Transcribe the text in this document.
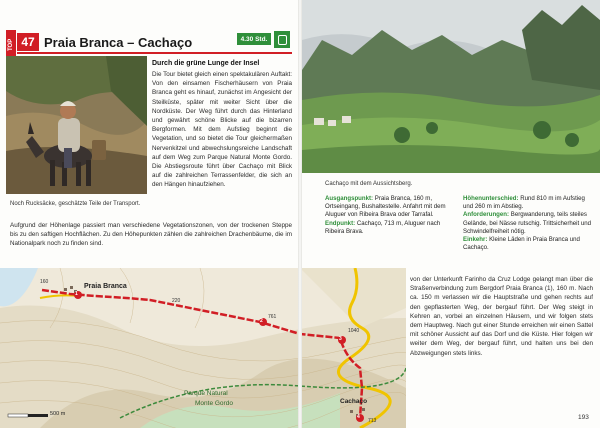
TOP 47 Praia Branca – Cachaço	4.30 Std.
Noch Rucksäcke, geschätzte Teile der Transport.
Durch die grüne Lunge der Insel
Die Tour bietet gleich einen spektakulären Auftakt: Von den einsamen Fischerhäusern von Praia Branca geht es hinauf, zunächst im Angesicht der Steilküste, später mit weiter Sicht über die Nordküste. Der Weg führt durch das Hinterland und gewährt schöne Blicke auf die bizarren Bergformen. Mit dem Aufstieg beginnt die Vegetation, und so bietet die Tour gleichermaßen Nervenkitzel und abwechslungsreiche Landschaft auf dem Weg zum Parque Natural Monte Gordo. Die Abstiegsroute führt über Cachaço mit Blick auf die zahlreichen Terrassenfelder, die sich an den Hängen hinaufziehen.
Aufgrund der Höhenlage passiert man verschiedene Vegetationszonen, von der trockenen Steppe bis zu den saftigen Hochflächen. Zu den Höhepunkten zählen die zahlreichen Drachenbäume, die im Nationalpark noch zu finden sind.
Praia Branca
Parque Natural
Monte Gordo	Cachaço
1
2
3
4
160
220
761
1040
713
500 m
Cachaço mit dem Aussichtsberg.
Ausgangspunkt: Praia Branca, 160 m, Ortseingang, Bushaltestelle. Anfahrt mit dem Aluguer von Ribeira Brava oder Tarrafal.
Endpunkt: Cachaço, 713 m, Aluguer nach Ribeira Brava.
Höhenunterschied: Rund 810 m im Aufstieg und 260 m im Abstieg.
Anforderungen: Bergwanderung, teils steiles Gelände, bei Nässe rutschig. Trittsicherheit und Schwindelfreiheit nötig.
Einkehr: Kleine Läden in Praia Branca und Cachaço.
von der Unterkunft Farinho da Cruz Lodge gelangt man über die Straßenverbindung zum Bergdorf Praia Branca (1), 160 m. Nach ca. 150 m verlassen wir die Hauptstraße und gehen rechts auf den gepflasterten Weg, der bergauf führt. Der Weg steigt in Kehren an, vorbei an einzelnen Häusern, und wir folgen stets dem Hauptweg. Nach gut einer Stunde erreichen wir einen Sattel mit schöner Aussicht auf das Dorf und die Küste. Hier folgen wir weiter dem Weg, der bergauf führt, und halten uns bei den Abzweigungen stets links.
193
